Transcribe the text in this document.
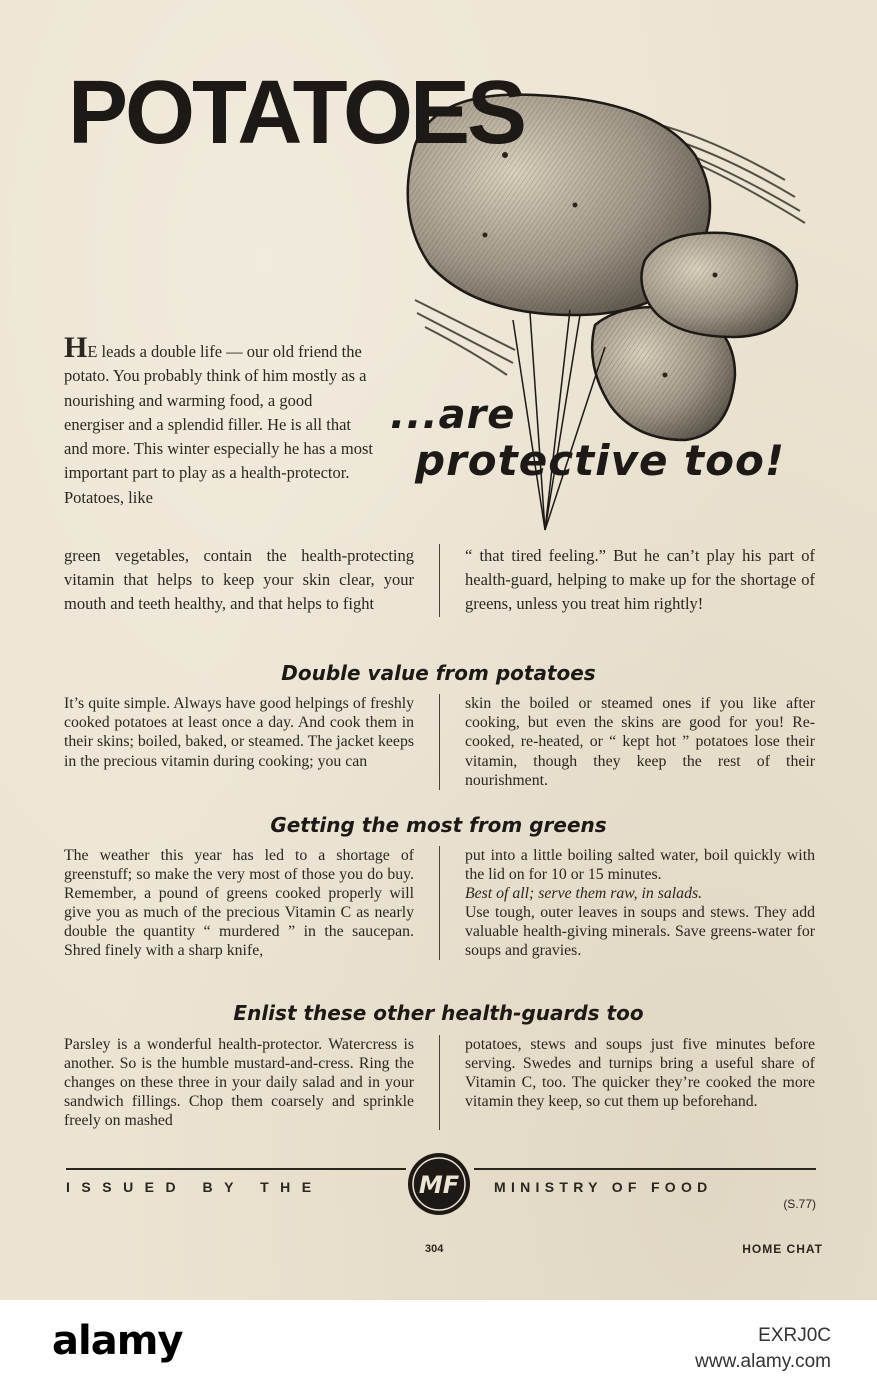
POTATOES
...are
protective too!

HE leads a double life — our old friend the potato. You probably think of him mostly as a nourishing and warming food, a good energiser and a splendid filler. He is all that and more. This winter especially he has a most important part to play as a health-protector. Potatoes, like

green vegetables, contain the health-protecting vitamin that helps to keep your skin clear, your mouth and teeth healthy, and that helps to fight

“ that tired feeling.” But he can’t play his part of health-guard, helping to make up for the shortage of greens, unless you treat him rightly!

Double value from potatoes

It’s quite simple. Always have good helpings of freshly cooked potatoes at least once a day. And cook them in their skins; boiled, baked, or steamed. The jacket keeps in the precious vitamin during cooking; you can

skin the boiled or steamed ones if you like after cooking, but even the skins are good for you! Re-cooked, re-heated, or “ kept hot ” potatoes lose their vitamin, though they keep the rest of their nourishment.

Getting the most from greens

The weather this year has led to a shortage of greenstuff; so make the very most of those you do buy. Remember, a pound of greens cooked properly will give you as much of the precious Vitamin C as nearly double the quantity “ murdered ” in the saucepan. Shred finely with a sharp knife,

put into a little boiling salted water, boil quickly with the lid on for 10 or 15 minutes.
Best of all; serve them raw, in salads.
Use tough, outer leaves in soups and stews. They add valuable health-giving minerals. Save greens-water for soups and gravies.
Enlist these other health-guards too

Parsley is a wonderful health-protector. Watercress is another. So is the humble mustard-and-cress. Ring the changes on these three in your daily salad and in your sandwich fillings. Chop them coarsely and sprinkle freely on mashed

potatoes, stews and soups just five minutes before serving. Swedes and turnips bring a useful share of Vitamin C, too. The quicker they’re cooked the more vitamin they keep, so cut them up beforehand.

ISSUED BY THE	MF MINISTRY OF FOOD
(S.77)
304	HOME CHAT
alamy	EXRJ0C
www.alamy.com
